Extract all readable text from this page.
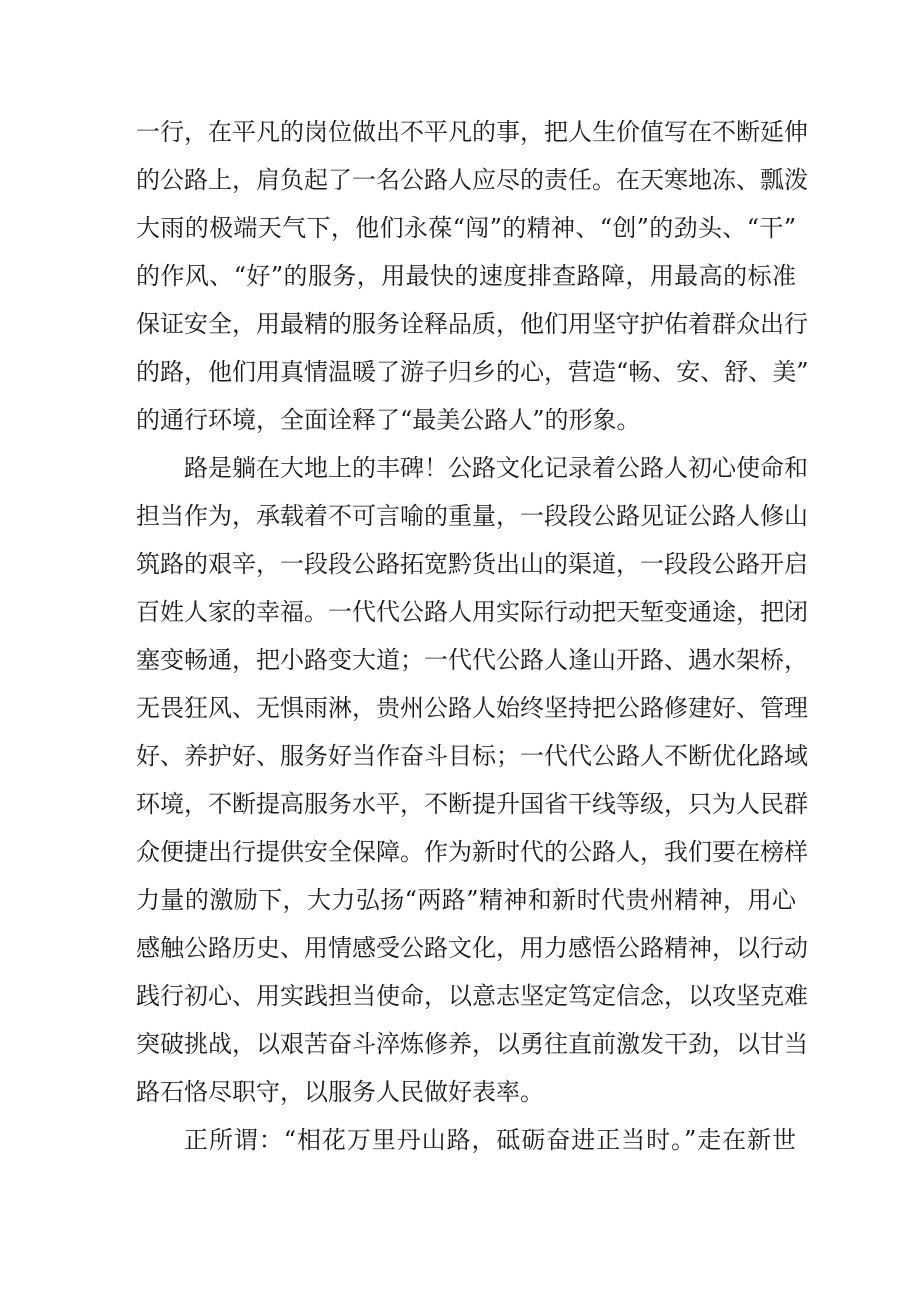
一行，在平凡的岗位做出不平凡的事，把人生价值写在不断延伸
的公路上，肩负起了一名公路人应尽的责任。在天寒地冻、瓢泼
大雨的极端天气下，他们永葆“闯”的精神、“创”的劲头、“干”
的作风、“好”的服务，用最快的速度排查路障，用最高的标准
保证安全，用最精的服务诠释品质，他们用坚守护佑着群众出行
的路，他们用真情温暖了游子归乡的心，营造“畅、安、舒、美”
的通行环境，全面诠释了“最美公路人”的形象。
路是躺在大地上的丰碑！公路文化记录着公路人初心使命和
担当作为，承载着不可言喻的重量，一段段公路见证公路人修山
筑路的艰辛，一段段公路拓宽黔货出山的渠道，一段段公路开启
百姓人家的幸福。一代代公路人用实际行动把天堑变通途，把闭
塞变畅通，把小路变大道；一代代公路人逢山开路、遇水架桥，
无畏狂风、无惧雨淋，贵州公路人始终坚持把公路修建好、管理
好、养护好、服务好当作奋斗目标；一代代公路人不断优化路域
环境，不断提高服务水平，不断提升国省干线等级，只为人民群
众便捷出行提供安全保障。作为新时代的公路人，我们要在榜样
力量的激励下，大力弘扬“两路”精神和新时代贵州精神，用心
感触公路历史、用情感受公路文化，用力感悟公路精神，以行动
践行初心、用实践担当使命，以意志坚定笃定信念，以攻坚克难
突破挑战，以艰苦奋斗淬炼修养，以勇往直前激发干劲，以甘当
路石恪尽职守，以服务人民做好表率。
正所谓：“相花万里丹山路，砥砺奋进正当时。”走在新世
